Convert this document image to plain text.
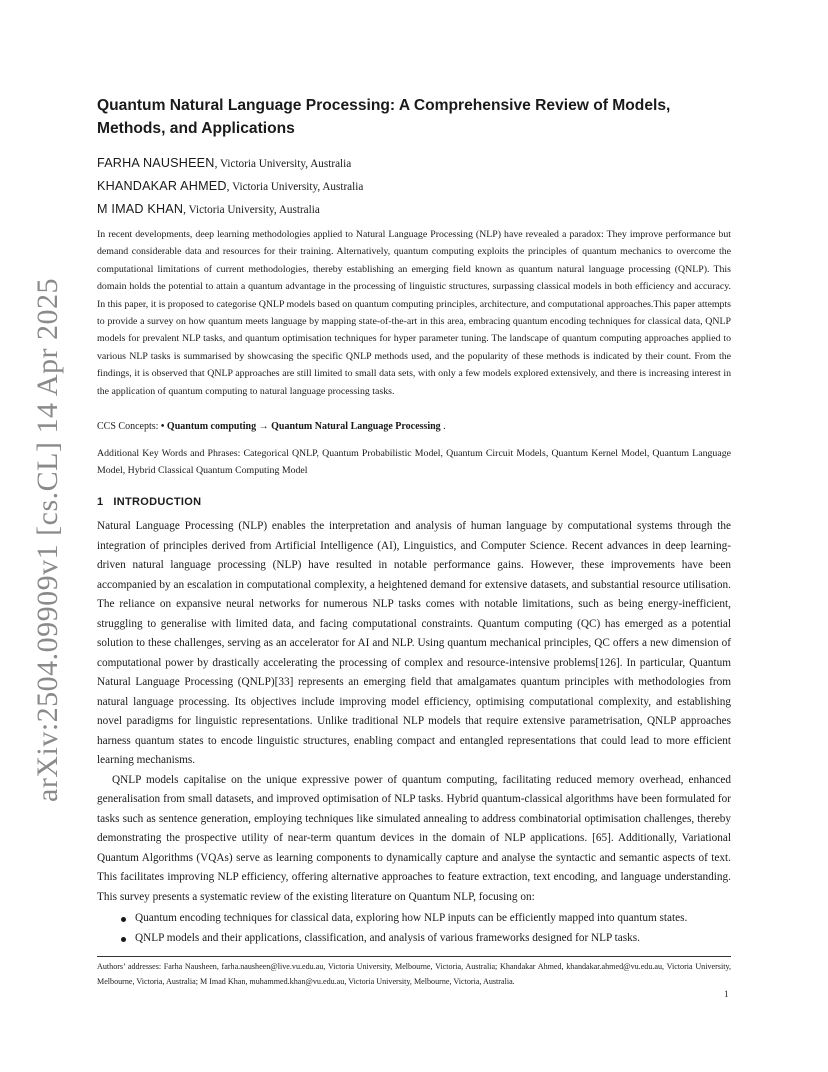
arXiv:2504.09909v1 [cs.CL] 14 Apr 2025
Quantum Natural Language Processing: A Comprehensive Review of Models, Methods, and Applications

FARHA NAUSHEEN, Victoria University, Australia

KHANDAKAR AHMED, Victoria University, Australia

M IMAD KHAN, Victoria University, Australia

In recent developments, deep learning methodologies applied to Natural Language Processing (NLP) have revealed a paradox: They improve performance but demand considerable data and resources for their training. Alternatively, quantum computing exploits the principles of quantum mechanics to overcome the computational limitations of current methodologies, thereby establishing an emerging field known as quantum natural language processing (QNLP). This domain holds the potential to attain a quantum advantage in the processing of linguistic structures, surpassing classical models in both efficiency and accuracy. In this paper, it is proposed to categorise QNLP models based on quantum computing principles, architecture, and computational approaches.This paper attempts to provide a survey on how quantum meets language by mapping state-of-the-art in this area, embracing quantum encoding techniques for classical data, QNLP models for prevalent NLP tasks, and quantum optimisation techniques for hyper parameter tuning. The landscape of quantum computing approaches applied to various NLP tasks is summarised by showcasing the specific QNLP methods used, and the popularity of these methods is indicated by their count. From the findings, it is observed that QNLP approaches are still limited to small data sets, with only a few models explored extensively, and there is increasing interest in the application of quantum computing to natural language processing tasks.

CCS Concepts: • Quantum computing → Quantum Natural Language Processing .

Additional Key Words and Phrases: Categorical QNLP, Quantum Probabilistic Model, Quantum Circuit Models, Quantum Kernel Model, Quantum Language Model, Hybrid Classical Quantum Computing Model

1 INTRODUCTION

Natural Language Processing (NLP) enables the interpretation and analysis of human language by computational systems through the integration of principles derived from Artificial Intelligence (AI), Linguistics, and Computer Science. Recent advances in deep learning-driven natural language processing (NLP) have resulted in notable performance gains. However, these improvements have been accompanied by an escalation in computational complexity, a heightened demand for extensive datasets, and substantial resource utilisation. The reliance on expansive neural networks for numerous NLP tasks comes with notable limitations, such as being energy-inefficient, struggling to generalise with limited data, and facing computational constraints. Quantum computing (QC) has emerged as a potential solution to these challenges, serving as an accelerator for AI and NLP. Using quantum mechanical principles, QC offers a new dimension of computational power by drastically accelerating the processing of complex and resource-intensive problems[126]. In particular, Quantum Natural Language Processing (QNLP)[33] represents an emerging field that amalgamates quantum principles with methodologies from natural language processing. Its objectives include improving model efficiency, optimising computational complexity, and establishing novel paradigms for linguistic representations. Unlike traditional NLP models that require extensive parametrisation, QNLP approaches harness quantum states to encode linguistic structures, enabling compact and entangled representations that could lead to more efficient learning mechanisms.

QNLP models capitalise on the unique expressive power of quantum computing, facilitating reduced memory overhead, enhanced generalisation from small datasets, and improved optimisation of NLP tasks. Hybrid quantum-classical algorithms have been formulated for tasks such as sentence generation, employing techniques like simulated annealing to address combinatorial optimisation challenges, thereby demonstrating the prospective utility of near-term quantum devices in the domain of NLP applications. [65]. Additionally, Variational Quantum Algorithms (VQAs) serve as learning components to dynamically capture and analyse the syntactic and semantic aspects of text. This facilitates improving NLP efficiency, offering alternative approaches to feature extraction, text encoding, and language understanding. This survey presents a systematic review of the existing literature on Quantum NLP, focusing on:

Quantum encoding techniques for classical data, exploring how NLP inputs can be efficiently mapped into quantum states.
QNLP models and their applications, classification, and analysis of various frameworks designed for NLP tasks.

Authors’ addresses: Farha Nausheen, farha.nausheen@live.vu.edu.au, Victoria University, Melbourne, Victoria, Australia; Khandakar Ahmed, khandakar.ahmed@vu.edu.au, Victoria University, Melbourne, Victoria, Australia; M Imad Khan, muhammed.khan@vu.edu.au, Victoria University, Melbourne, Victoria, Australia.

1
